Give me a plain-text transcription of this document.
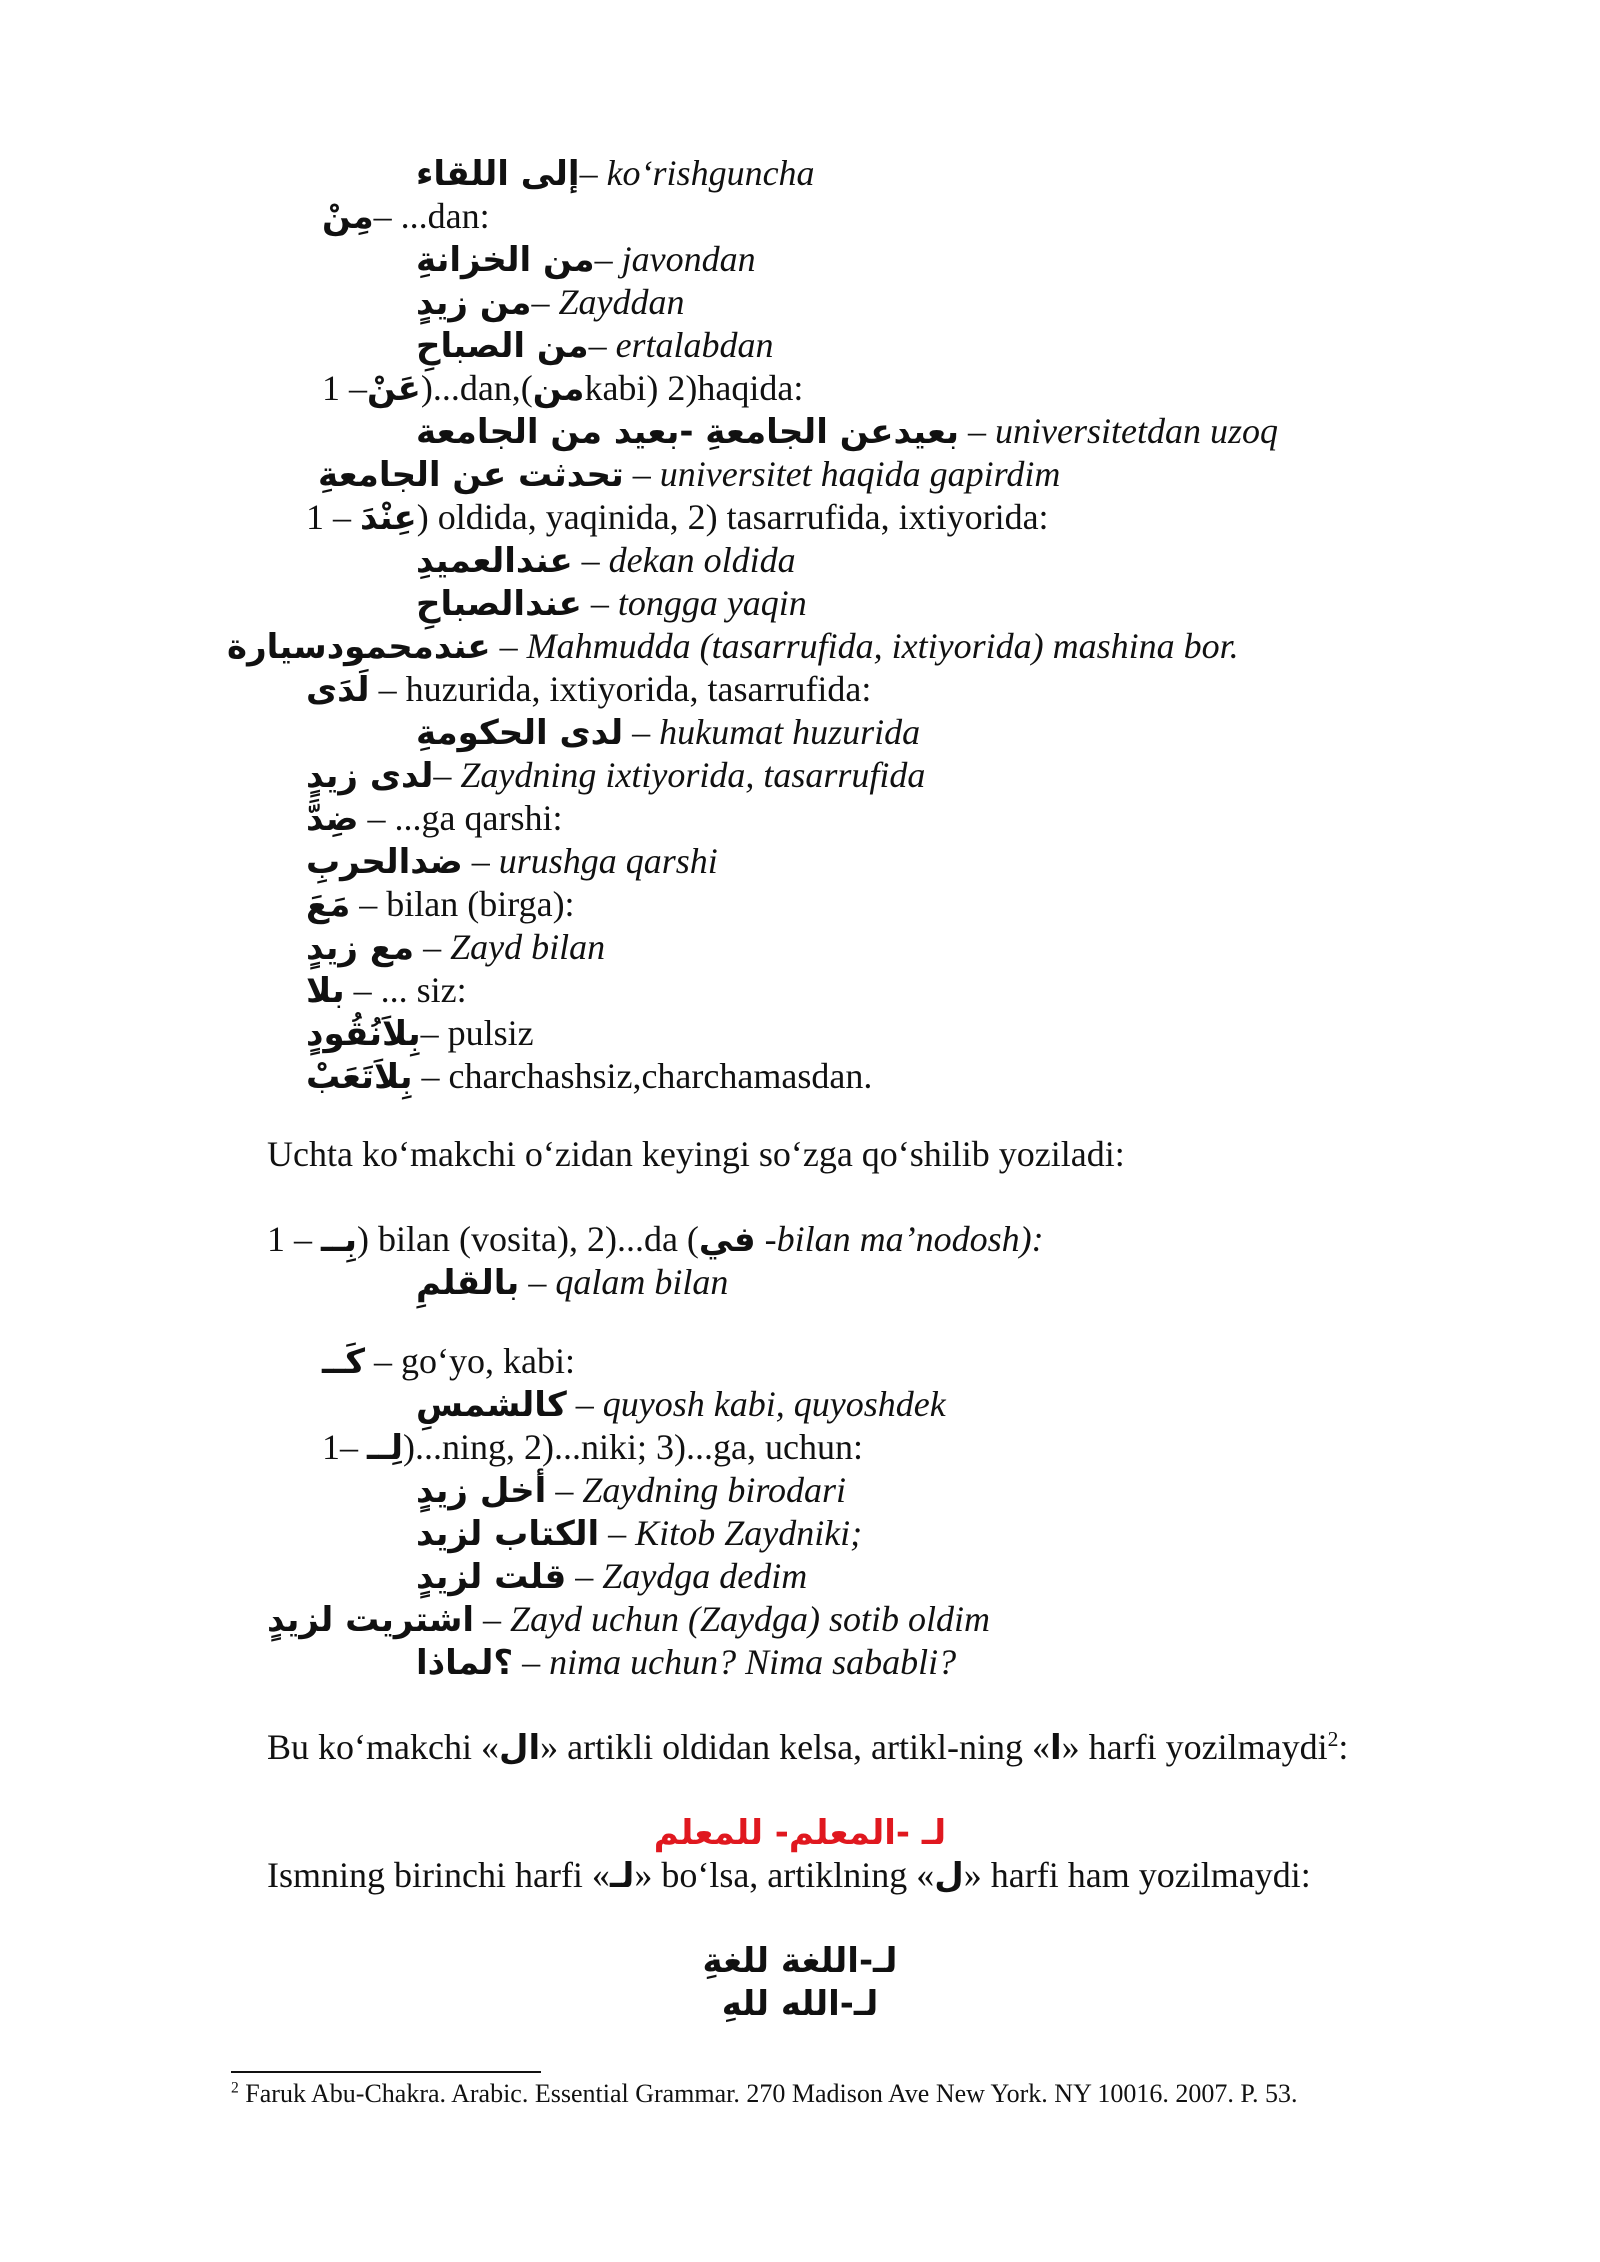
إلى اللقاء– ko‘rishguncha
مِنْ– ...dan:
من الخزانةِ– javondan
من زيدٍ– Zayddan
من الصباحِ– ertalabdan
1 –عَنْ)...dan,(منkabi) 2)haqida:
بعيدعن الجامعةِ -بعيد من الجامعة – universitetdan uzoq
تحدثت عن الجامعةِ – universitet haqida gapirdim
1 – عِنْدَ) oldida, yaqinida, 2) tasarrufida, ixtiyorida:
عندالعميدِ – dekan oldida
عندالصباحِ – tongga yaqin
عندمحمودسيارة – Mahmudda (tasarrufida, ixtiyorida) mashina bor.
لَدَى – huzurida, ixtiyorida, tasarrufida:
لدى الحكومةِ – hukumat huzurida
لدى زيدٍ– Zaydning ixtiyorida, tasarrufida
ضِدَّ – ...ga qarshi:
ضدالحربِ – urushga qarshi
مَعَ – bilan (birga):
مع زيدٍ – Zayd bilan
بلا – ... siz:
بِلاَنُقُودٍ– pulsiz
بِلاَتَعَبْ – charchashsiz,charchamasdan.
Uchta ko‘makchi o‘zidan keyingi so‘zga qo‘shilib yoziladi:
1 – بِــ) bilan (vosita), 2)...da (في -bilan ma’nodosh):
بالقلمِ – qalam bilan
كَــ – go‘yo, kabi:
كالشمسِ – quyosh kabi, quyoshdek
1– لِــ)...ning, 2)...niki; 3)...ga, uchun:
أخل زيدٍ – Zaydning birodari
الكتاب لزيد – Kitob Zaydniki;
قلت لزيدٍ – Zaydga dedim
اشتريت لزيدٍ – Zayd uchun (Zaydga) sotib oldim
؟لماذا – nima uchun? Nima sababli?
Bu ko‘makchi «ال» artikli oldidan kelsa, artikl-ning «ا» harfi yozilmaydi$^2$:
لـ -المعلم- للمعلم
Ismning birinchi harfi «لـ» bo‘lsa, artiklning «ل» harfi ham yozilmaydi:
لـ-اللغة للغةِ
لـ-الله للهِ
$^2$ Faruk Abu-Chakra. Arabic. Essential Grammar. 270 Madison Ave New York. NY 10016. 2007. P. 53.
